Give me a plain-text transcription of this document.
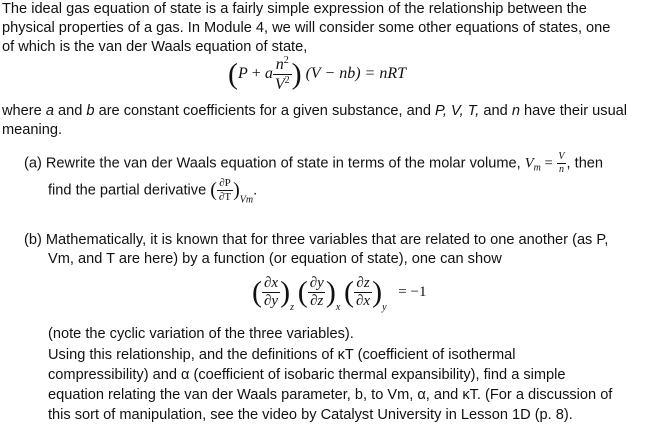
The ideal gas equation of state is a fairly simple expression of the relationship between the
physical properties of a gas. In Module 4, we will consider some other equations of states, one
of which is the van der Waals equation of state,
(P + a $\frac{n^2}{V^2}$ ) (V − nb) = nRT
where a and b are constant coefficients for a given substance, and P, V, T, and n have their usual
meaning.
(a) Rewrite the van der Waals equation of state in terms of the molar volume, $V_m = \frac{V}{n}$ , then
find the partial derivative ( $\frac{\partial P}{\partial T} )_{Vm}$.
(b) Mathematically, it is known that for three variables that are related to one another (as P,
Vm, and T are here) by a function (or equation of state), one can show
( $\frac{\partial x}{\partial y} )_z$ ( $\frac{\partial y}{\partial z} )_x$ ( $\frac{\partial z}{\partial x} )_y = -1$
(note the cyclic variation of the three variables).
Using this relationship, and the definitions of κT (coefficient of isothermal
compressibility) and α (coefficient of isobaric thermal expansibility), find a simple
equation relating the van der Waals parameter, b, to Vm, α, and κT. (For a discussion of
this sort of manipulation, see the video by Catalyst University in Lesson 1D (p. 8).
